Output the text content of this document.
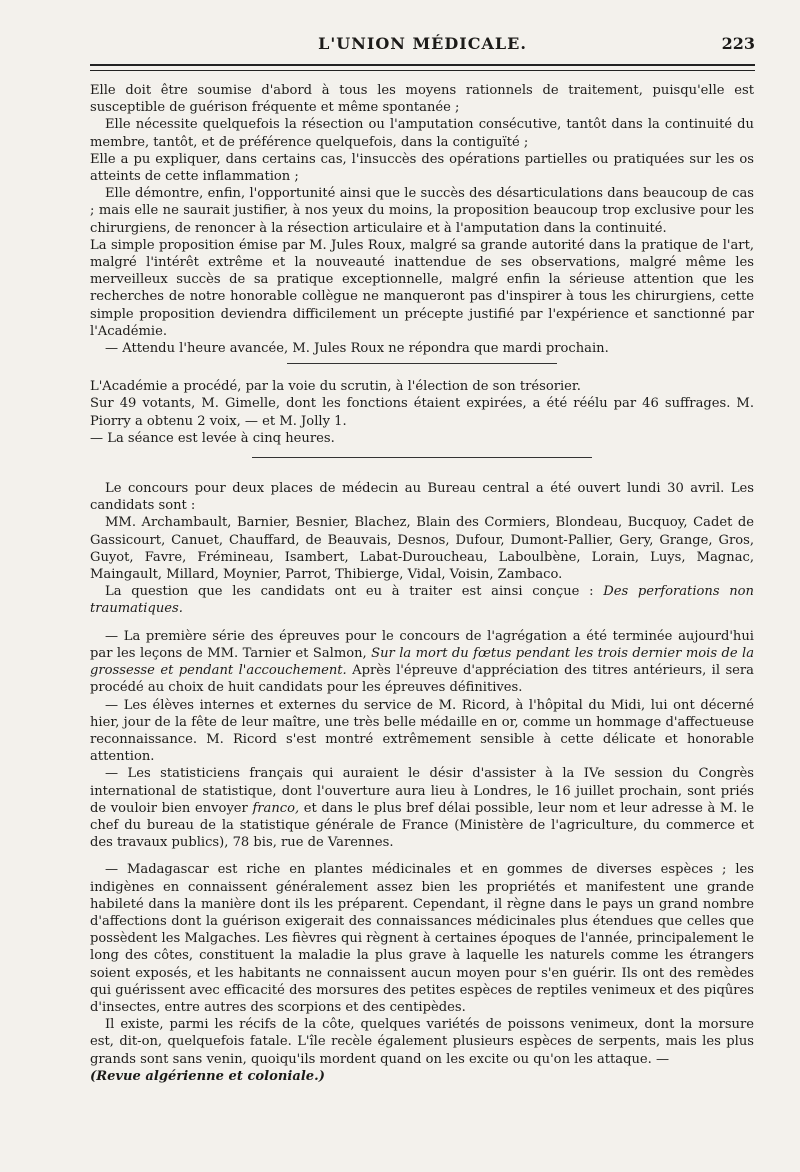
L'UNION MÉDICALE.	223

Elle doit être soumise d'abord à tous les moyens rationnels de traitement, puisqu'elle est susceptible de guérison fréquente et même spontanée ;

Elle nécessite quelquefois la résection ou l'amputation consécutive, tantôt dans la continuité du membre, tantôt, et de préférence quelquefois, dans la contiguïté ;

Elle a pu expliquer, dans certains cas, l'insuccès des opérations partielles ou pratiquées sur les os atteints de cette inflammation ;

Elle démontre, enfin, l'opportunité ainsi que le succès des désarticulations dans beaucoup de cas ; mais elle ne saurait justifier, à nos yeux du moins, la proposition beaucoup trop exclusive pour les chirurgiens, de renoncer à la résection articulaire et à l'amputation dans la continuité.

La simple proposition émise par M. Jules Roux, malgré sa grande autorité dans la pratique de l'art, malgré l'intérêt extrême et la nouveauté inattendue de ses observations, malgré même les merveilleux succès de sa pratique exceptionnelle, malgré enfin la sérieuse attention que les recherches de notre honorable collègue ne manqueront pas d'inspirer à tous les chirurgiens, cette simple proposition deviendra difficilement un précepte justifié par l'expérience et sanctionné par l'Académie.

— Attendu l'heure avancée, M. Jules Roux ne répondra que mardi prochain.

L'Académie a procédé, par la voie du scrutin, à l'élection de son trésorier.

Sur 49 votants, M. Gimelle, dont les fonctions étaient expirées, a été réélu par 46 suffrages. M. Piorry a obtenu 2 voix, — et M. Jolly 1.

— La séance est levée à cinq heures.

Le concours pour deux places de médecin au Bureau central a été ouvert lundi 30 avril. Les candidats sont :

MM. Archambault, Barnier, Besnier, Blachez, Blain des Cormiers, Blondeau, Bucquoy, Cadet de Gassicourt, Canuet, Chauffard, de Beauvais, Desnos, Dufour, Dumont-Pallier, Gery, Grange, Gros, Guyot, Favre, Frémineau, Isambert, Labat-Durouchеau, Laboulbène, Lorain, Luys, Magnac, Maingault, Millard, Moynier, Parrot, Thibierge, Vidal, Voisin, Zambaco.

La question que les candidats ont eu à traiter est ainsi conçue : Des perforations non traumatiques.

— La première série des épreuves pour le concours de l'agrégation a été terminée aujourd'hui par les leçons de MM. Tarnier et Salmon, Sur la mort du fœtus pendant les trois dernier mois de la grossesse et pendant l'accouchement. Après l'épreuve d'appréciation des titres antérieurs, il sera procédé au choix de huit candidats pour les épreuves définitives.

— Les élèves internes et externes du service de M. Ricord, à l'hôpital du Midi, lui ont décerné hier, jour de la fête de leur maître, une très belle médaille en or, comme un hommage d'affectueuse reconnaissance. M. Ricord s'est montré extrêmement sensible à cette délicate et honorable attention.

— Les statisticiens français qui auraient le désir d'assister à la IVe session du Congrès international de statistique, dont l'ouverture aura lieu à Londres, le 16 juillet prochain, sont priés de vouloir bien envoyer franco, et dans le plus bref délai possible, leur nom et leur adresse à M. le chef du bureau de la statistique générale de France (Ministère de l'agriculture, du commerce et des travaux publics), 78 bis, rue de Varennes.

— Madagascar est riche en plantes médicinales et en gommes de diverses espèces ; les indigènes en connaissent généralement assez bien les propriétés et manifestent une grande habileté dans la manière dont ils les préparent. Cependant, il règne dans le pays un grand nombre d'affections dont la guérison exigerait des connaissances médicinales plus étendues que celles que possèdent les Malgaches. Les fièvres qui règnent à certaines époques de l'année, principalement le long des côtes, constituent la maladie la plus grave à laquelle les naturels comme les étrangers soient exposés, et les habitants ne connaissent aucun moyen pour s'en guérir. Ils ont des remèdes qui guérissent avec efficacité des morsures des petites espèces de reptiles venimeux et des piqûres d'insectes, entre autres des scorpions et des centipèdes.

Il existe, parmi les récifs de la côte, quelques variétés de poissons venimeux, dont la morsure est, dit-on, quelquefois fatale. L'île recèle également plusieurs espèces de serpents, mais les plus grands sont sans venin, quoiqu'ils mordent quand on les excite ou qu'on les attaque. —

(Revue algérienne et coloniale.)
